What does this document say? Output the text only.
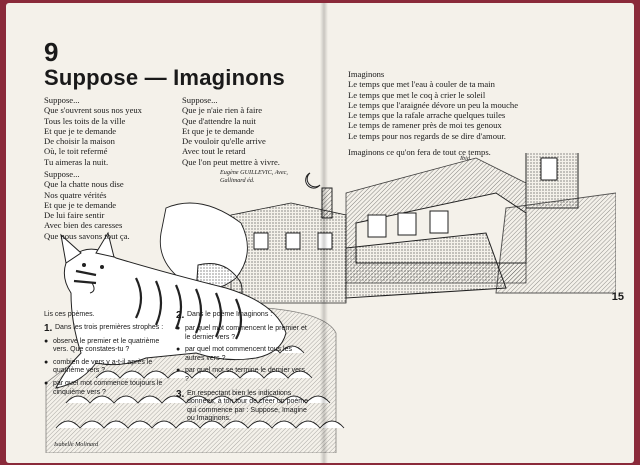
9
Suppose — Imaginons
Suppose...
Que s'ouvrent sous nos yeux
Tous les toits de la ville
Et que je te demande
De choisir la maison
Où, le toit refermé
Tu aimeras la nuit.
Suppose...
Que la chatte nous dise
Nos quatre vérités
Et que je te demande
De lui faire sentir
Avec bien des caresses
Que nous savons tout ça.
Suppose...
Que je n'aie rien à faire
Que d'attendre la nuit
Et que je te demande
De vouloir qu'elle arrive
Avec tout le retard
Que l'on peut mettre à vivre.
Eugène GUILLEVIC, Avec,
Gallimard éd.
Imaginons
Le temps que met l'eau à couler de ta main
Le temps que met le coq à crier le soleil
Le temps que l'araignée dévore un peu la mouche
Le temps que la rafale arrache quelques tuiles
Le temps de ramener près de moi tes genoux
Le temps pour nos regards de se dire d'amour.
Imaginons ce qu'on fera de tout ce temps.
Ibid.
15
Lis ces poèmes.
1. Dans les trois premières strophes :
● observe le premier et le quatrième vers. Que constates-tu ?
● combien de vers y a-t-il après le quatrième vers ?
● par quel mot commence toujours le cinquième vers ?
2. Dans le poème Imaginons :
● par quel mot commencent le premier et le dernier vers ?
● par quel mot commencent tous les autres vers ?
● par quel mot se termine le dernier vers ?
3. En respectant bien les indications données, à ton tour de créer un poème qui commence par : Suppose, Imagine ou Imaginons.
Isabelle Molinard
